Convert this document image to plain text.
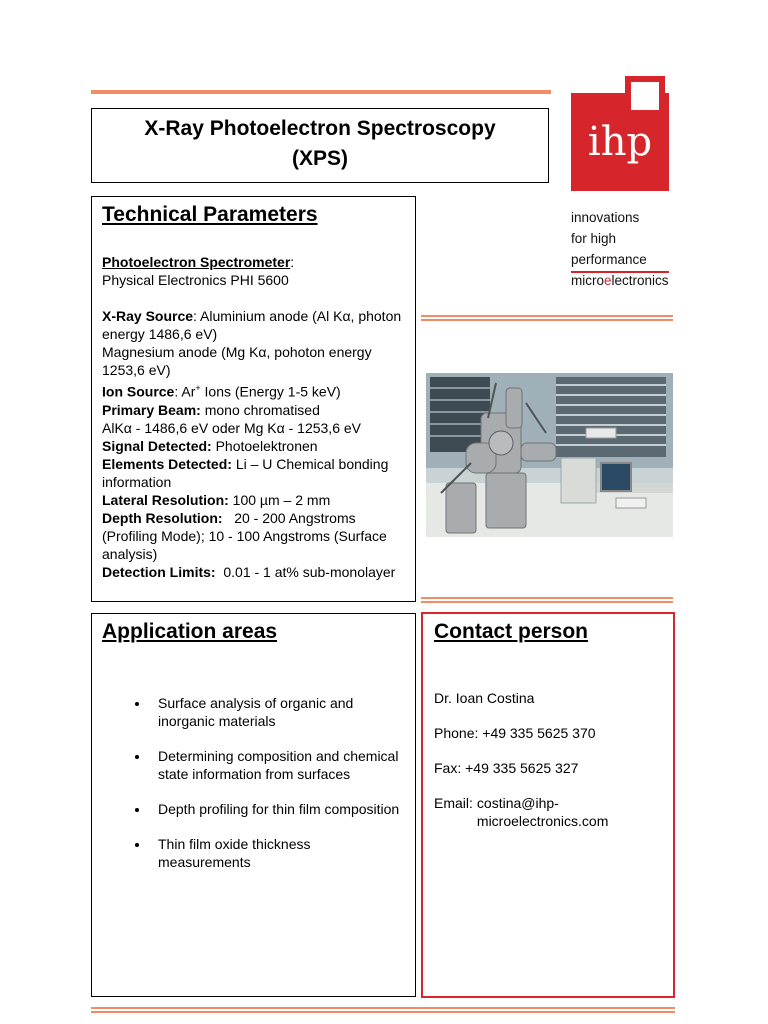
X-Ray Photoelectron Spectroscopy
(XPS)	ihp
innovations
for high
performance
microelectronics
Technical Parameters

Photoelectron Spectrometer:

Physical Electronics PHI 5600

X-Ray Source: Aluminium anode (Al Kα, photon energy 1486,6 eV)

Magnesium anode (Mg Kα, pohoton energy 1253,6 eV)

Ion Source: Ar+ Ions (Energy 1-5 keV)

Primary Beam: mono chromatised

AlKα - 1486,6 eV oder Mg Kα - 1253,6 eV

Signal Detected: Photoelektronen

Elements Detected: Li – U Chemical bonding information

Lateral Resolution: 100 µm – 2 mm

Depth Resolution:   20 - 200 Angstroms (Profiling Mode); 10 - 100 Angstroms (Surface analysis)

Detection Limits:  0.01 - 1 at% sub-monolayer

Application areas
• Surface analysis of organic and inorganic materials
• Determining composition and chemical state information from surfaces
• Depth profiling for thin film composition
• Thin film oxide thickness measurements
Contact person

Dr. Ioan Costina

Phone: +49 335 5625 370

Fax: +49 335 5625 327

Email: costina@ihp-microelectronics.com
